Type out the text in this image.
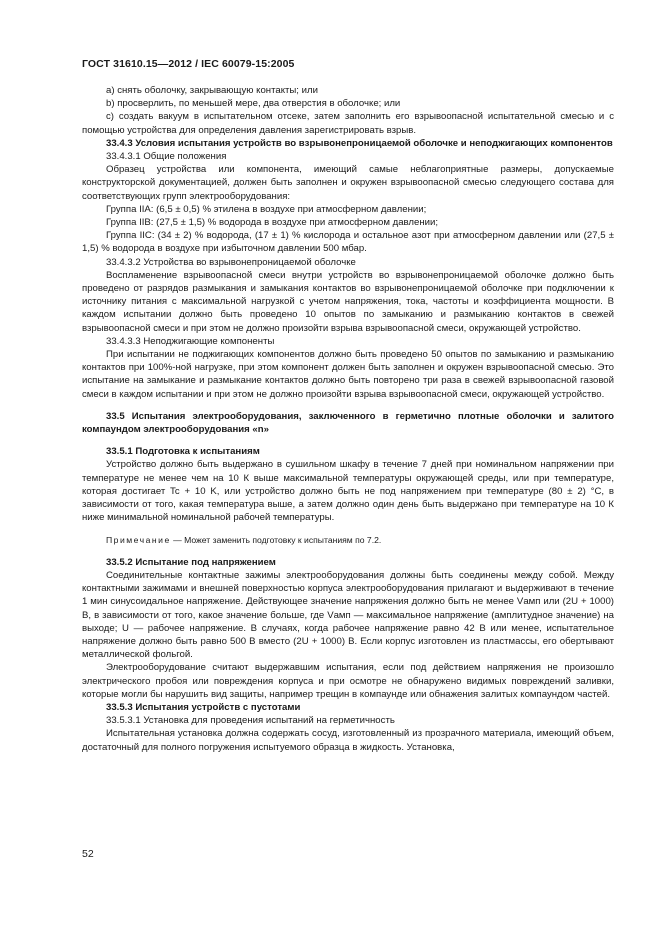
ГОСТ 31610.15—2012 / IEC 60079-15:2005

а) снять оболочку, закрывающую контакты; или

b) просверлить, по меньшей мере, два отверстия в оболочке; или

c) создать вакуум в испытательном отсеке, затем заполнить его взрывоопасной испытательной смесью и с помощью устройства для определения давления зарегистрировать взрыв.

33.4.3 Условия испытания устройств во взрывонепроницаемой оболочке и неподжигающих компонентов

33.4.3.1 Общие положения

Образец устройства или компонента, имеющий самые неблагоприятные размеры, допускаемые конструкторской документацией, должен быть заполнен и окружен взрывоопасной смесью следующего состава для соответствующих групп электрооборудования:

Группа IIA: (6,5 ± 0,5) % этилена в воздухе при атмосферном давлении;

Группа IIB: (27,5 ± 1,5) % водорода в воздухе при атмосферном давлении;

Группа IIC: (34 ± 2) % водорода, (17 ± 1) % кислорода и остальное азот при атмосферном давлении или (27,5 ± 1,5) % водорода в воздухе при избыточном давлении 500 мбар.

33.4.3.2 Устройства во взрывонепроницаемой оболочке

Воспламенение взрывоопасной смеси внутри устройств во взрывонепроницаемой оболочке должно быть проведено от разрядов размыкания и замыкания контактов во взрывонепроницаемой оболочке при подключении к источнику питания с максимальной нагрузкой с учетом напряжения, тока, частоты и коэффициента мощности. В каждом испытании должно быть проведено 10 опытов по замыканию и размыканию контактов в свежей взрывоопасной смеси и при этом не должно произойти взрыва взрывоопасной смеси, окружающей устройство.

33.4.3.3 Неподжигающие компоненты

При испытании не поджигающих компонентов должно быть проведено 50 опытов по замыканию и размыканию контактов при 100%-ной нагрузке, при этом компонент должен быть заполнен и окружен взрывоопасной смесью. Это испытание на замыкание и размыкание контактов должно быть повторено три раза в свежей взрывоопасной газовой смеси в каждом испытании и при этом не должно произойти взрыва взрывоопасной смеси, окружающей устройство.

33.5 Испытания электрооборудования, заключенного в герметично плотные оболочки и залитого компаундом электрооборудования «n»

33.5.1 Подготовка к испытаниям

Устройство должно быть выдержано в сушильном шкафу в течение 7 дней при номинальном напряжении при температуре не менее чем на 10 К выше максимальной температуры окружающей среды, или при температуре, которая достигает Tc + 10 K, или устройство должно быть не под напряжением при температуре (80 ± 2) °C, в зависимости от того, какая температура выше, а затем должно один день быть выдержано при температуре на 10 К ниже минимальной номинальной рабочей температуры.

Примечание — Может заменить подготовку к испытаниям по 7.2.

33.5.2 Испытание под напряжением

Соединительные контактные зажимы электрооборудования должны быть соединены между собой. Между контактными зажимами и внешней поверхностью корпуса электрооборудования прилагают и выдерживают в течение 1 мин синусоидальное напряжение. Действующее значение напряжения должно быть не менее Vамп или (2U + 1000) В, в зависимости от того, какое значение больше, где Vамп — максимальное напряжение (амплитудное значение) на выходе; U — рабочее напряжение. В случаях, когда рабочее напряжение равно 42 В или менее, испытательное напряжение должно быть равно 500 В вместо (2U + 1000) В. Если корпус изготовлен из пластмассы, его обертывают металлической фольгой.

Электрооборудование считают выдержавшим испытания, если под действием напряжения не произошло электрического пробоя или повреждения корпуса и при осмотре не обнаружено видимых повреждений заливки, которые могли бы нарушить вид защиты, например трещин в компаунде или обнажения залитых компаундом частей.

33.5.3 Испытания устройств с пустотами

33.5.3.1 Установка для проведения испытаний на герметичность

Испытательная установка должна содержать сосуд, изготовленный из прозрачного материала, имеющий объем, достаточный для полного погружения испытуемого образца в жидкость. Установка,

52
